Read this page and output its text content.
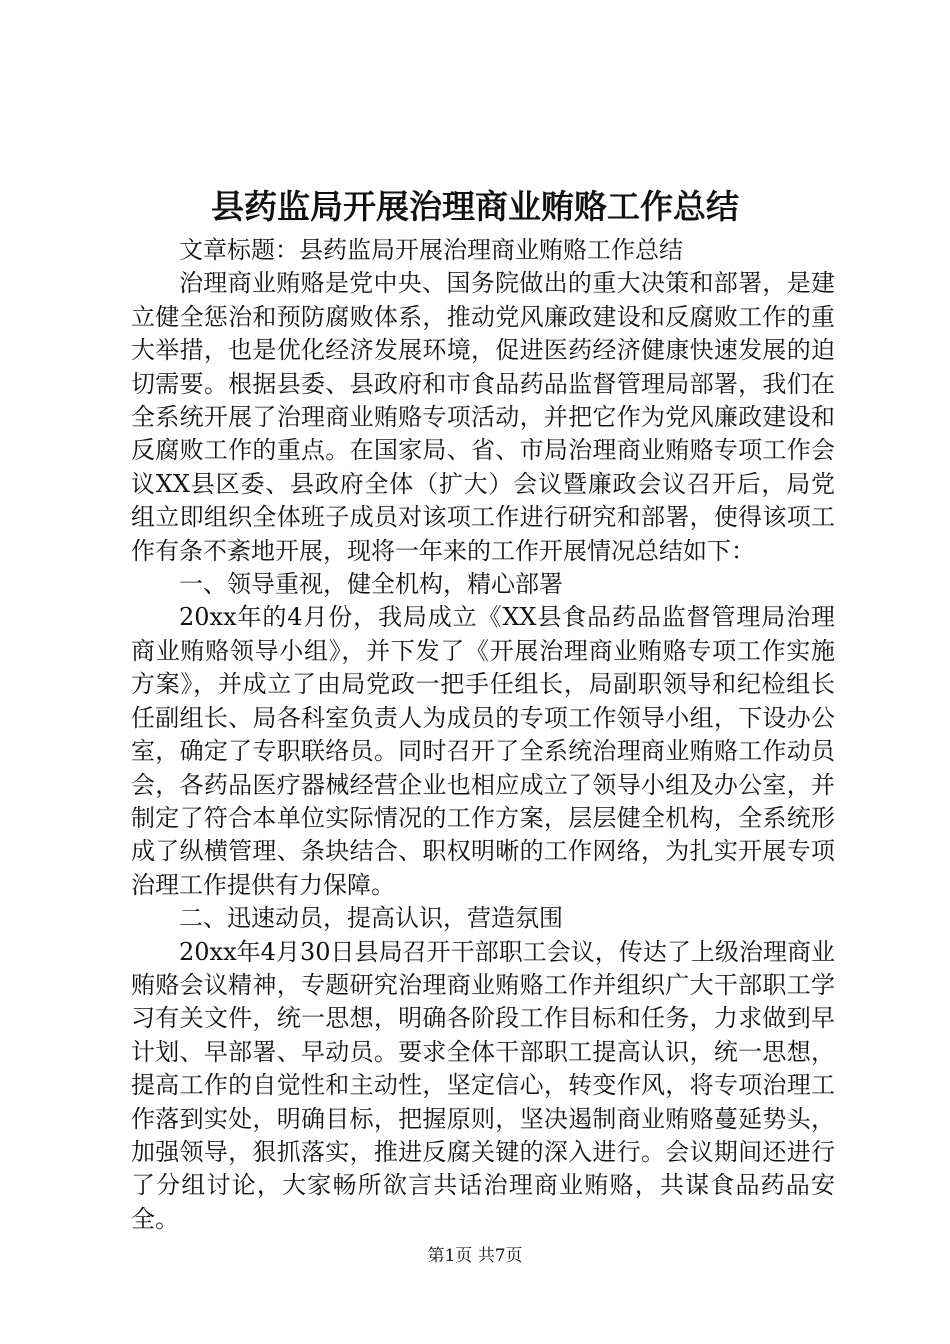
县药监局开展治理商业贿赂工作总结

文章标题：县药监局开展治理商业贿赂工作总结

治理商业贿赂是党中央、国务院做出的重大决策和部署，是建立健全惩治和预防腐败体系，推动党风廉政建设和反腐败工作的重大举措，也是优化经济发展环境，促进医药经济健康快速发展的迫切需要。根据县委、县政府和市食品药品监督管理局部署，我们在全系统开展了治理商业贿赂专项活动，并把它作为党风廉政建设和反腐败工作的重点。在国家局、省、市局治理商业贿赂专项工作会议XX县区委、县政府全体（扩大）会议暨廉政会议召开后，局党组立即组织全体班子成员对该项工作进行研究和部署，使得该项工作有条不紊地开展，现将一年来的工作开展情况总结如下：

一、领导重视，健全机构，精心部署

20xx年的4月份，我局成立《XX县食品药品监督管理局治理商业贿赂领导小组》，并下发了《开展治理商业贿赂专项工作实施方案》，并成立了由局党政一把手任组长，局副职领导和纪检组长任副组长、局各科室负责人为成员的专项工作领导小组，下设办公室，确定了专职联络员。同时召开了全系统治理商业贿赂工作动员会，各药品医疗器械经营企业也相应成立了领导小组及办公室，并制定了符合本单位实际情况的工作方案，层层健全机构，全系统形成了纵横管理、条块结合、职权明晰的工作网络，为扎实开展专项治理工作提供有力保障。

二、迅速动员，提高认识，营造氛围

20xx年4月30日县局召开干部职工会议，传达了上级治理商业贿赂会议精神，专题研究治理商业贿赂工作并组织广大干部职工学习有关文件，统一思想，明确各阶段工作目标和任务，力求做到早计划、早部署、早动员。要求全体干部职工提高认识，统一思想，提高工作的自觉性和主动性，坚定信心，转变作风，将专项治理工作落到实处，明确目标，把握原则，坚决遏制商业贿赂蔓延势头，加强领导，狠抓落实，推进反腐关键的深入进行。会议期间还进行了分组讨论，大家畅所欲言共话治理商业贿赂，共谋食品药品安全。

第1页 共7页
